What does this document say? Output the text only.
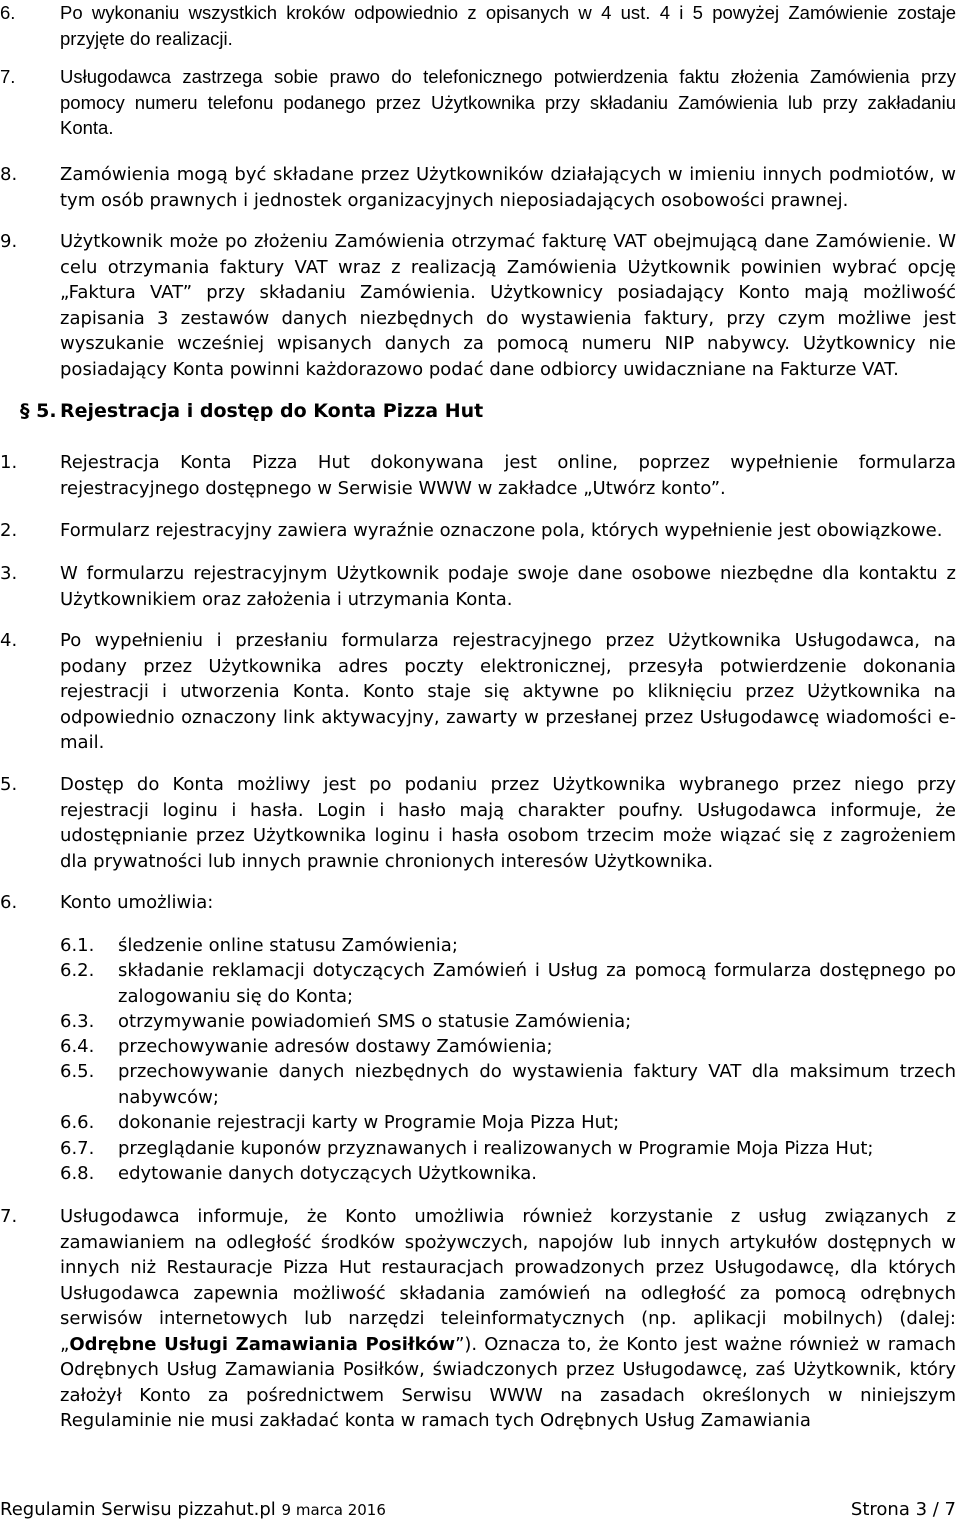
6. Po wykonaniu wszystkich kroków odpowiednio z opisanych w 4 ust. 4 i 5 powyżej Zamówienie zostaje przyjęte do realizacji.
7. Usługodawca zastrzega sobie prawo do telefonicznego potwierdzenia faktu złożenia Zamówienia przy pomocy numeru telefonu podanego przez Użytkownika przy składaniu Zamówienia lub przy zakładaniu Konta.
8. Zamówienia mogą być składane przez Użytkowników działających w imieniu innych podmiotów, w tym osób prawnych i jednostek organizacyjnych nieposiadających osobowości prawnej.
9. Użytkownik może po złożeniu Zamówienia otrzymać fakturę VAT obejmującą dane Zamówienie. W celu otrzymania faktury VAT wraz z realizacją Zamówienia Użytkownik powinien wybrać opcję „Faktura VAT” przy składaniu Zamówienia. Użytkownicy posiadający Konto mają możliwość zapisania 3 zestawów danych niezbędnych do wystawienia faktury, przy czym możliwe jest wyszukanie wcześniej wpisanych danych za pomocą numeru NIP nabywcy. Użytkownicy nie posiadający Konta powinni każdorazowo podać dane odbiorcy uwidaczniane na Fakturze VAT.
§ 5. Rejestracja i dostęp do Konta Pizza Hut
1. Rejestracja Konta Pizza Hut dokonywana jest online, poprzez wypełnienie formularza rejestracyjnego dostępnego w Serwisie WWW w zakładce „Utwórz konto”.
2. Formularz rejestracyjny zawiera wyraźnie oznaczone pola, których wypełnienie jest obowiązkowe.
3. W formularzu rejestracyjnym Użytkownik podaje swoje dane osobowe niezbędne dla kontaktu z Użytkownikiem oraz założenia i utrzymania Konta.
4. Po wypełnieniu i przesłaniu formularza rejestracyjnego przez Użytkownika Usługodawca, na podany przez Użytkownika adres poczty elektronicznej, przesyła potwierdzenie dokonania rejestracji i utworzenia Konta. Konto staje się aktywne po kliknięciu przez Użytkownika na odpowiednio oznaczony link aktywacyjny, zawarty w przesłanej przez Usługodawcę wiadomości e-mail.
5. Dostęp do Konta możliwy jest po podaniu przez Użytkownika wybranego przez niego przy rejestracji loginu i hasła. Login i hasło mają charakter poufny. Usługodawca informuje, że udostępnianie przez Użytkownika loginu i hasła osobom trzecim może wiązać się z zagrożeniem dla prywatności lub innych prawnie chronionych interesów Użytkownika.
6. Konto umożliwia:
6.1. śledzenie online statusu Zamówienia;
6.2. składanie reklamacji dotyczących Zamówień i Usług za pomocą formularza dostępnego po zalogowaniu się do Konta;
6.3. otrzymywanie powiadomień SMS o statusie Zamówienia;
6.4. przechowywanie adresów dostawy Zamówienia;
6.5. przechowywanie danych niezbędnych do wystawienia faktury VAT dla maksimum trzech nabywców;
6.6. dokonanie rejestracji karty w Programie Moja Pizza Hut;
6.7. przeglądanie kuponów przyznawanych i realizowanych w Programie Moja Pizza Hut;
6.8. edytowanie danych dotyczących Użytkownika.
7. Usługodawca informuje, że Konto umożliwia również korzystanie z usług związanych z zamawianiem na odległość środków spożywczych, napojów lub innych artykułów dostępnych w innych niż Restauracje Pizza Hut restauracjach prowadzonych przez Usługodawcę, dla których Usługodawca zapewnia możliwość składania zamówień na odległość za pomocą odrębnych serwisów internetowych lub narzędzi teleinformatycznych (np. aplikacji mobilnych) (dalej: „Odrębne Usługi Zamawiania Posiłków”). Oznacza to, że Konto jest ważne również w ramach Odrębnych Usług Zamawiania Posiłków, świadczonych przez Usługodawcę, zaś Użytkownik, który założył Konto za pośrednictwem Serwisu WWW na zasadach określonych w niniejszym Regulaminie nie musi zakładać konta w ramach tych Odrębnych Usług Zamawiania
Regulamin Serwisu pizzahut.pl 9 marca 2016	Strona 3 / 7
